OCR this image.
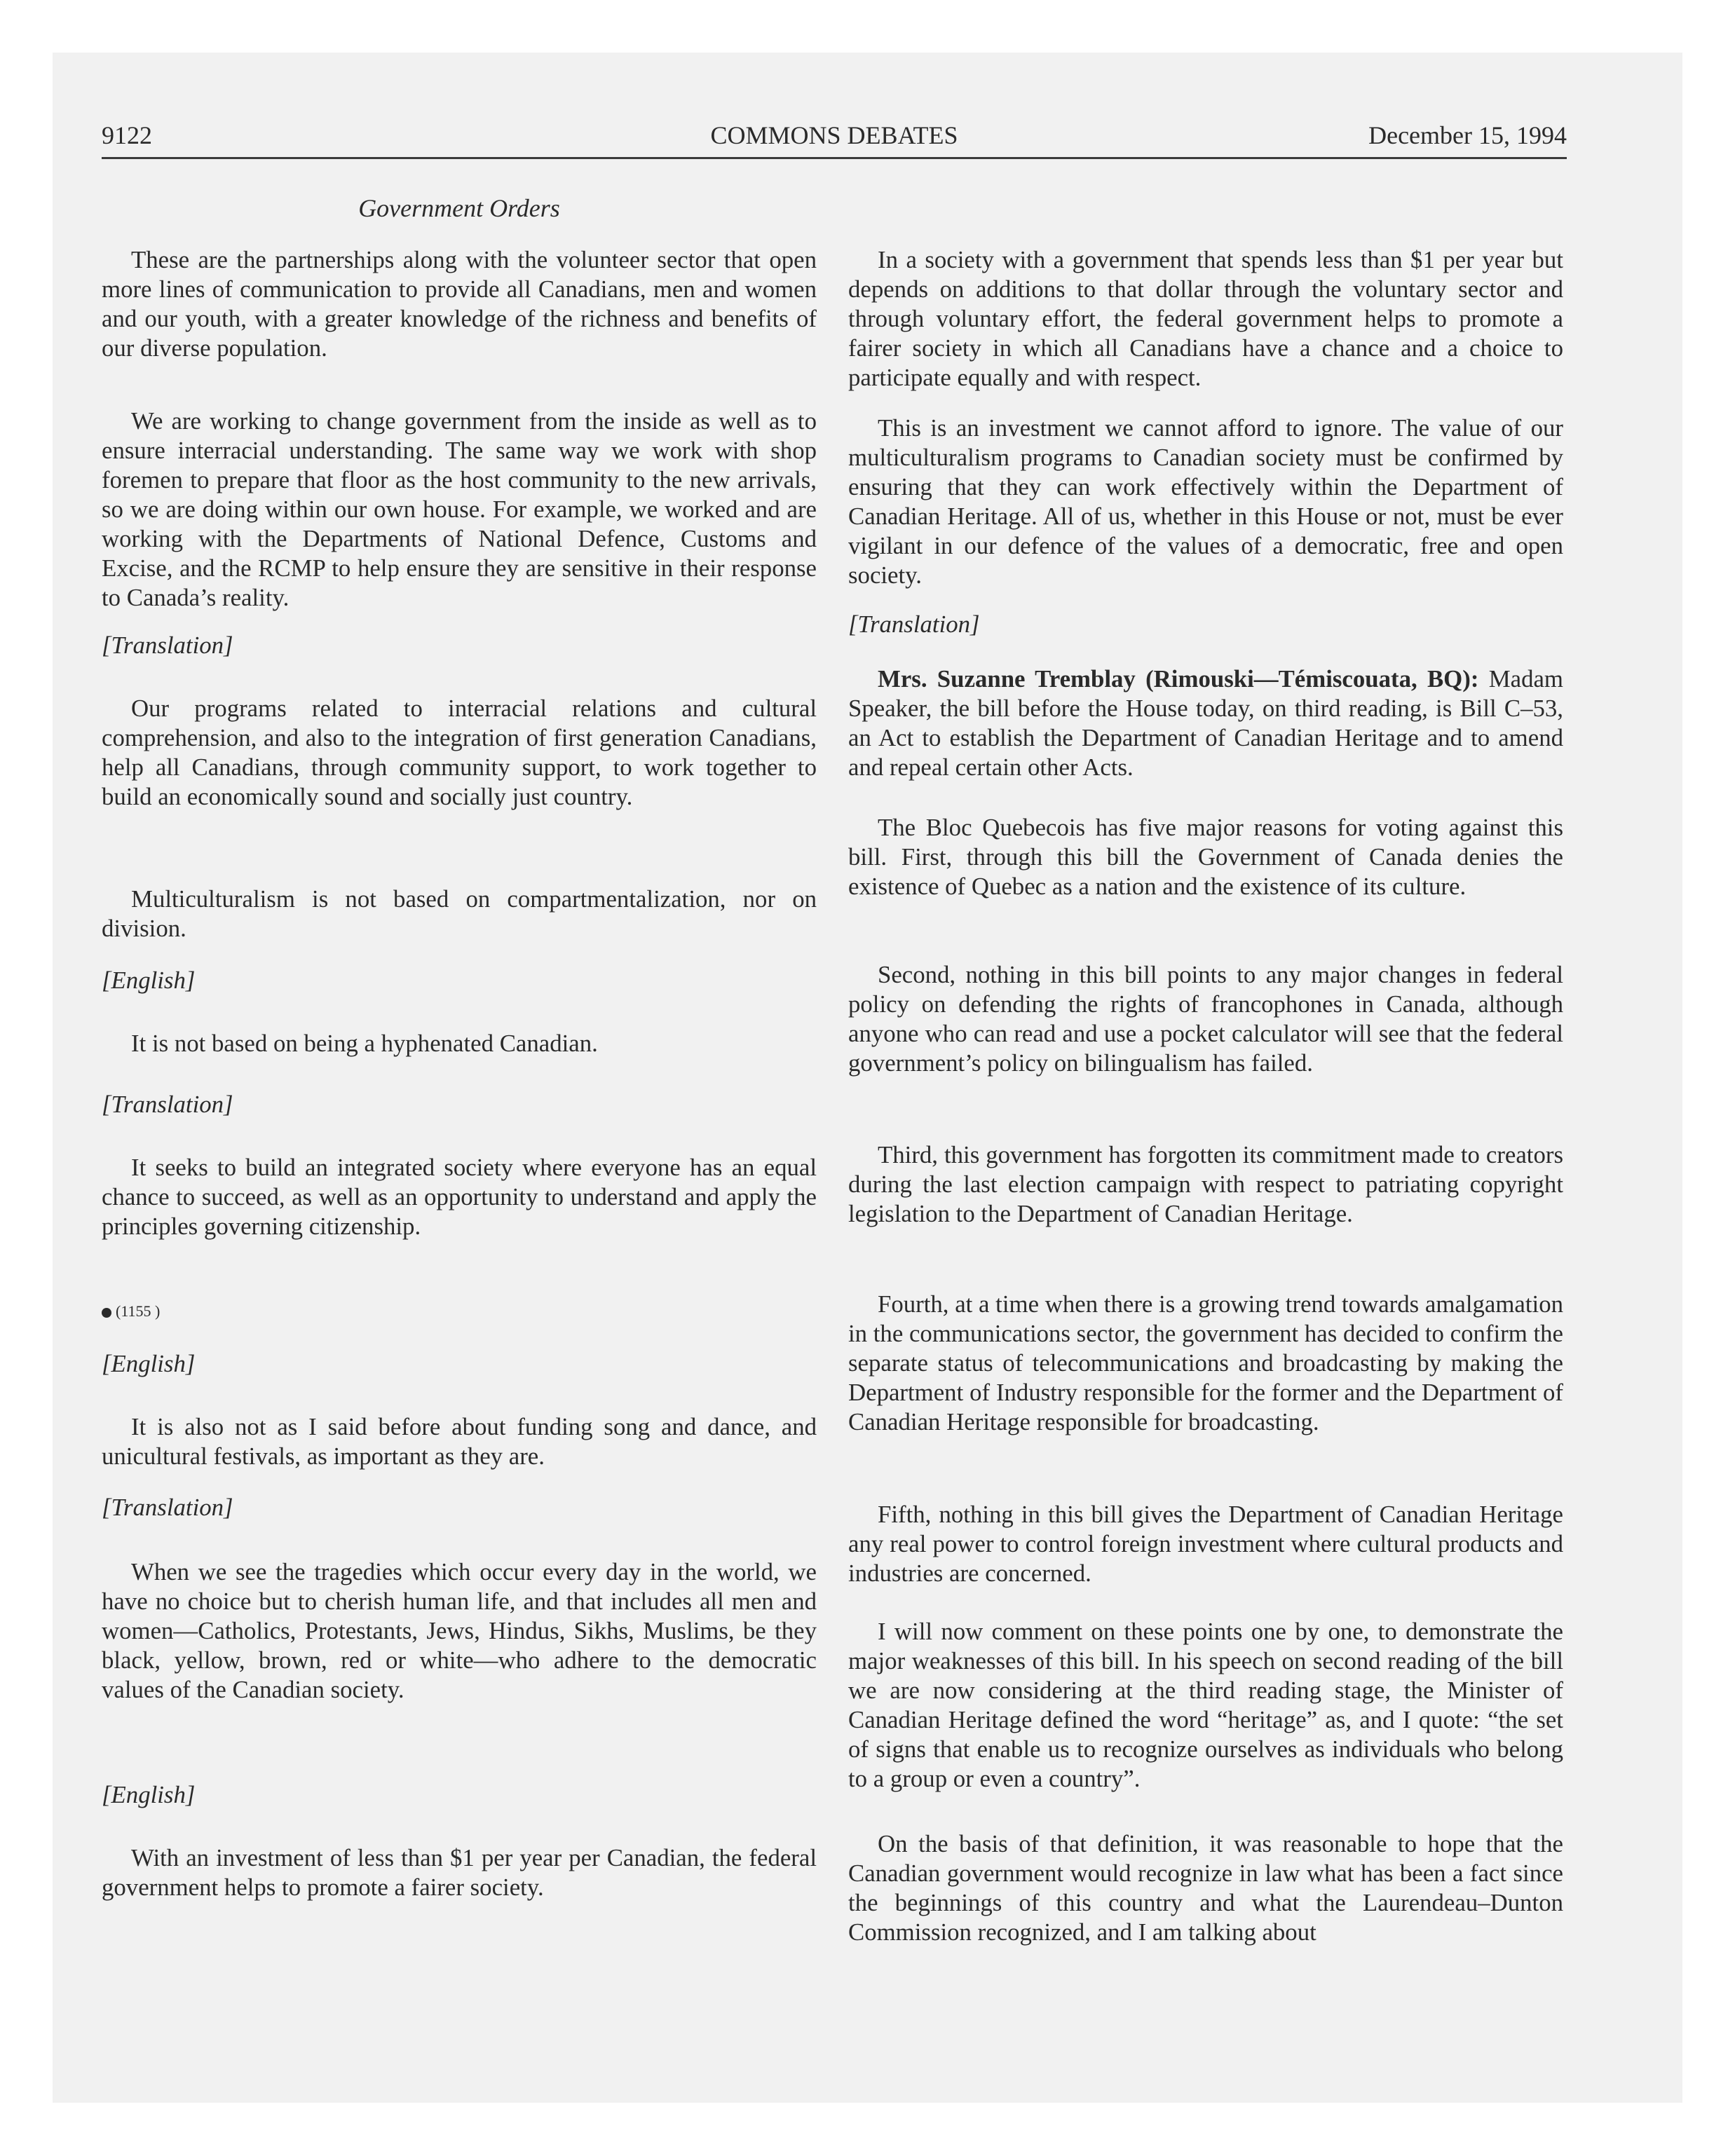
9122	COMMONS DEBATES	December 15, 1994
Government Orders

These are the partnerships along with the volunteer sector that open more lines of communication to provide all Canadians, men and women and our youth, with a greater knowledge of the richness and benefits of our diverse population.

We are working to change government from the inside as well as to ensure interracial understanding. The same way we work with shop foremen to prepare that floor as the host community to the new arrivals, so we are doing within our own house. For example, we worked and are working with the Departments of National Defence, Customs and Excise, and the RCMP to help ensure they are sensitive in their response to Canada’s reality.

[Translation]

Our programs related to interracial relations and cultural comprehension, and also to the integration of first generation Canadians, help all Canadians, through community support, to work together to build an economically sound and socially just country.

Multiculturalism is not based on compartmentalization, nor on division.

[English]

It is not based on being a hyphenated Canadian.

[Translation]

It seeks to build an integrated society where everyone has an equal chance to succeed, as well as an opportunity to understand and apply the principles governing citizenship.

(1155 )

[English]

It is also not as I said before about funding song and dance, and unicultural festivals, as important as they are.

[Translation]

When we see the tragedies which occur every day in the world, we have no choice but to cherish human life, and that includes all men and women—Catholics, Protestants, Jews, Hindus, Sikhs, Muslims, be they black, yellow, brown, red or white—who adhere to the democratic values of the Canadian society.

[English]

With an investment of less than $1 per year per Canadian, the federal government helps to promote a fairer society.

In a society with a government that spends less than $1 per year but depends on additions to that dollar through the voluntary sector and through voluntary effort, the federal government helps to promote a fairer society in which all Canadians have a chance and a choice to participate equally and with respect.

This is an investment we cannot afford to ignore. The value of our multiculturalism programs to Canadian society must be confirmed by ensuring that they can work effectively within the Department of Canadian Heritage. All of us, whether in this House or not, must be ever vigilant in our defence of the values of a democratic, free and open society.

[Translation]

Mrs. Suzanne Tremblay (Rimouski—Témiscouata, BQ): Madam Speaker, the bill before the House today, on third reading, is Bill C–53, an Act to establish the Department of Canadian Heritage and to amend and repeal certain other Acts.

The Bloc Quebecois has five major reasons for voting against this bill. First, through this bill the Government of Canada denies the existence of Quebec as a nation and the existence of its culture.

Second, nothing in this bill points to any major changes in federal policy on defending the rights of francophones in Canada, although anyone who can read and use a pocket calculator will see that the federal government’s policy on bilingualism has failed.

Third, this government has forgotten its commitment made to creators during the last election campaign with respect to patriating copyright legislation to the Department of Canadian Heritage.

Fourth, at a time when there is a growing trend towards amalgamation in the communications sector, the government has decided to confirm the separate status of telecommunications and broadcasting by making the Department of Industry responsible for the former and the Department of Canadian Heritage responsible for broadcasting.

Fifth, nothing in this bill gives the Department of Canadian Heritage any real power to control foreign investment where cultural products and industries are concerned.

I will now comment on these points one by one, to demonstrate the major weaknesses of this bill. In his speech on second reading of the bill we are now considering at the third reading stage, the Minister of Canadian Heritage defined the word “heritage” as, and I quote: “the set of signs that enable us to recognize ourselves as individuals who belong to a group or even a country”.

On the basis of that definition, it was reasonable to hope that the Canadian government would recognize in law what has been a fact since the beginnings of this country and what the Laurendeau–Dunton Commission recognized, and I am talking about
